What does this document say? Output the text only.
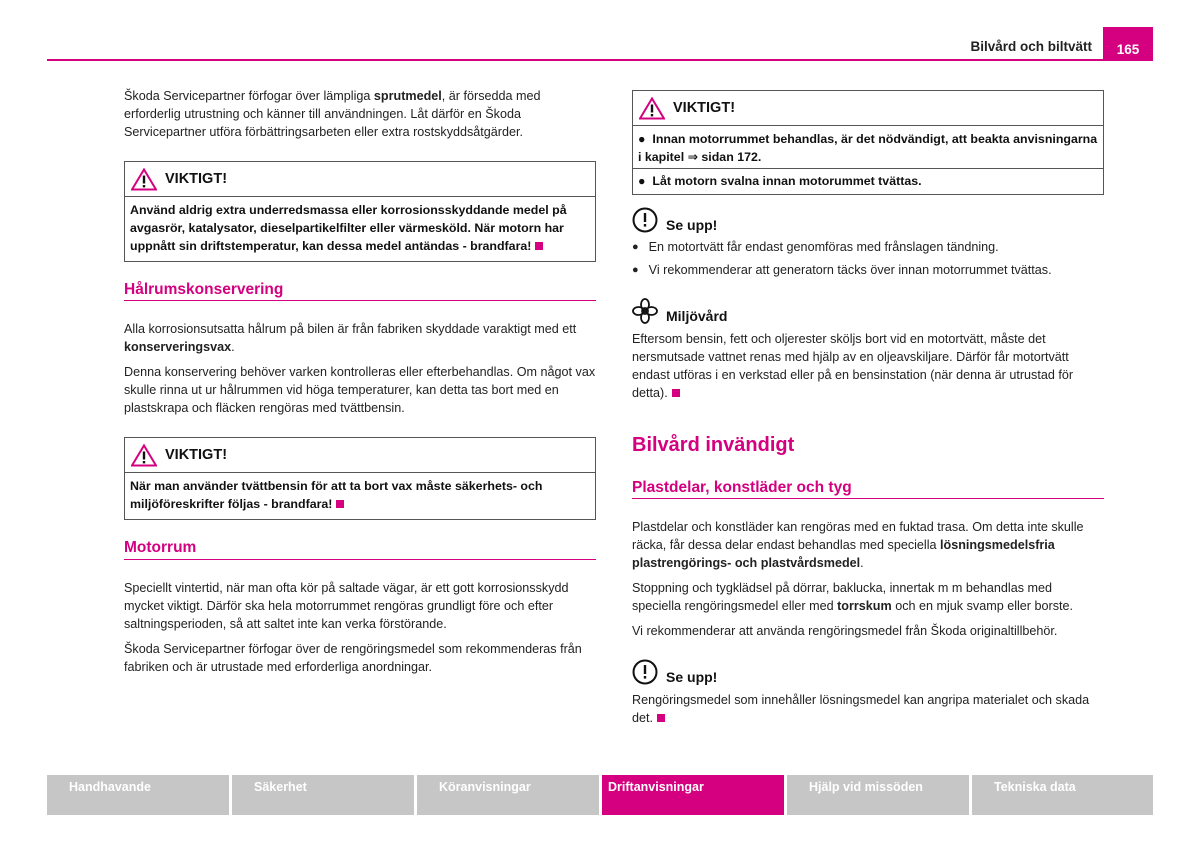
Bilvård och biltvätt	165

Škoda Servicepartner förfogar över lämpliga sprutmedel, är försedda med erforderlig utrustning och känner till användningen. Låt därför en Škoda Servicepartner utföra förbättringsarbeten eller extra rostskyddsåtgärder.

VIKTIGT!
Använd aldrig extra underredsmassa eller korrosionsskyddande medel på avgasrör, katalysator, dieselpartikelfilter eller värmesköld. När motorn har uppnått sin driftstemperatur, kan dessa medel antändas - brandfara!
Hålrumskonservering

Alla korrosionsutsatta hålrum på bilen är från fabriken skyddade varaktigt med ett konserveringsvax.

Denna konservering behöver varken kontrolleras eller efterbehandlas. Om något vax skulle rinna ut ur hålrummen vid höga temperaturer, kan detta tas bort med en plastskrapa och fläcken rengöras med tvättbensin.

VIKTIGT!
När man använder tvättbensin för att ta bort vax måste säkerhets- och miljöföreskrifter följas - brandfara!
Motorrum

Speciellt vintertid, när man ofta kör på saltade vägar, är ett gott korrosionsskydd mycket viktigt. Därför ska hela motorrummet rengöras grundligt före och efter saltningsperioden, så att saltet inte kan verka förstörande.

Škoda Servicepartner förfogar över de rengöringsmedel som rekommenderas från fabriken och är utrustade med erforderliga anordningar.

VIKTIGT!
●  Innan motorrummet behandlas, är det nödvändigt, att beakta anvisningarna i kapitel ⇒ sidan 172.
●  Låt motorn svalna innan motorummet tvättas.
Se upp!
● En motortvätt får endast genomföras med frånslagen tändning.
● Vi rekommenderar att generatorn täcks över innan motorrummet tvättas.
Miljövård

Eftersom bensin, fett och oljerester sköljs bort vid en motortvätt, måste det nersmutsade vattnet renas med hjälp av en oljeavskiljare. Därför får motortvätt endast utföras i en verkstad eller på en bensinstation (när denna är utrustad för detta).

Bilvård invändigt
Plastdelar, konstläder och tyg

Plastdelar och konstläder kan rengöras med en fuktad trasa. Om detta inte skulle räcka, får dessa delar endast behandlas med speciella lösningsmedelsfria plastrengörings- och plastvårdsmedel.

Stoppning och tygklädsel på dörrar, baklucka, innertak m m behandlas med speciella rengöringsmedel eller med torrskum och en mjuk svamp eller borste.

Vi rekommenderar att använda rengöringsmedel från Škoda originaltillbehör.

Se upp!

Rengöringsmedel som innehåller lösningsmedel kan angripa materialet och skada det.

Handhavande	Säkerhet	Köranvisningar	Driftanvisningar	Hjälp vid missöden	Tekniska data
